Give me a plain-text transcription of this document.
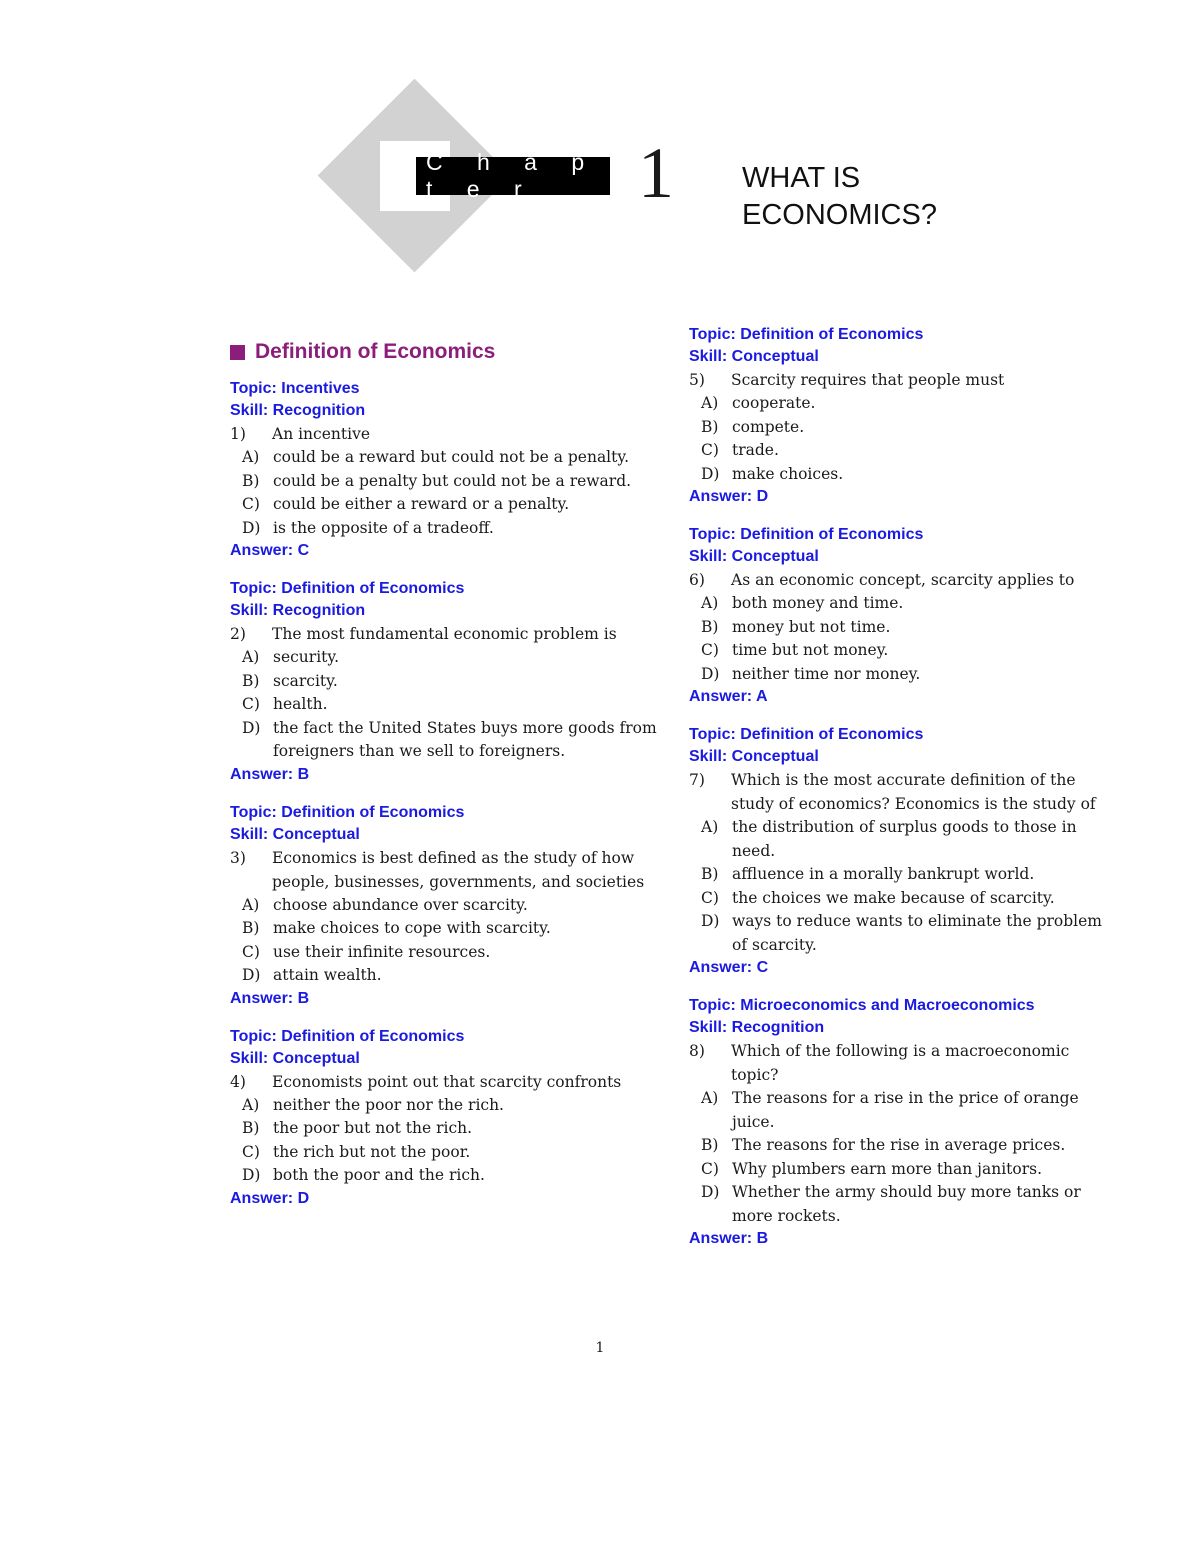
C h a p t e r	1 WHAT IS
ECONOMICS?
Definition of Economics
Topic: Incentives
Skill: Recognition
1)	An incentive
A) could be a reward but could not be a penalty.
B) could be a penalty but could not be a reward.
C) could be either a reward or a penalty.
D) is the opposite of a tradeoff.
Answer: C
Topic: Definition of Economics
Skill: Recognition
2)	The most fundamental economic problem is
A) security.
B) scarcity.
C) health.
D) the fact the United States buys more goods from foreigners than we sell to foreigners.
Answer: B
Topic: Definition of Economics
Skill: Conceptual
3)	Economics is best defined as the study of how people, businesses, governments, and societies
A) choose abundance over scarcity.
B) make choices to cope with scarcity.
C) use their infinite resources.
D) attain wealth.
Answer: B
Topic: Definition of Economics
Skill: Conceptual
4)	Economists point out that scarcity confronts
A) neither the poor nor the rich.
B) the poor but not the rich.
C) the rich but not the poor.
D) both the poor and the rich.
Answer: D
Topic: Definition of Economics
Skill: Conceptual
5)	Scarcity requires that people must
A) cooperate.
B) compete.
C) trade.
D) make choices.
Answer: D
Topic: Definition of Economics
Skill: Conceptual
6)	As an economic concept, scarcity applies to
A) both money and time.
B) money but not time.
C) time but not money.
D) neither time nor money.
Answer: A
Topic: Definition of Economics
Skill: Conceptual
7)	Which is the most accurate definition of the study of economics? Economics is the study of
A) the distribution of surplus goods to those in need.
B) affluence in a morally bankrupt world.
C) the choices we make because of scarcity.
D) ways to reduce wants to eliminate the problem of scarcity.
Answer: C
Topic: Microeconomics and Macroeconomics
Skill: Recognition
8)	Which of the following is a macroeconomic topic?
A) The reasons for a rise in the price of orange juice.
B) The reasons for the rise in average prices.
C) Why plumbers earn more than janitors.
D) Whether the army should buy more tanks or more rockets.
Answer: B
1
